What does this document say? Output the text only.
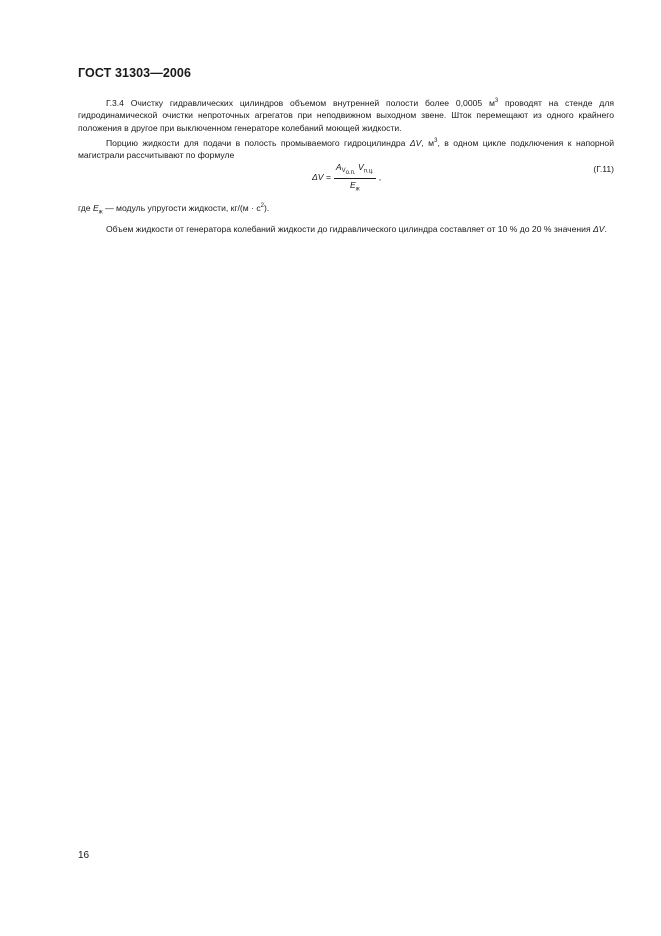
ГОСТ 31303—2006

Г.3.4 Очистку гидравлических цилиндров объемом внутренней полости более 0,0005 $м^3$ проводят на стенде для гидродинамической очистки непроточных агрегатов при неподвижном выходном звене. Шток перемещают из одного крайнего положения в другое при выключенном генераторе колебаний моющей жидкости.

Порцию жидкости для подачи в полость промываемого гидроцилиндра ΔV, $м^3$, в одном цикле подключения к напорной магистрали рассчитывают по формуле

$\Delta V = \frac{A_{V_{о.п.}} V_{п.ц.}}{E_ж}$ ,
(Г.11)

где $E_ж$ — модуль упругости жидкости, $кг/(м \cdot с^2)$.

Объем жидкости от генератора колебаний жидкости до гидравлического цилиндра составляет от 10 % до 20 % значения ΔV.

16
